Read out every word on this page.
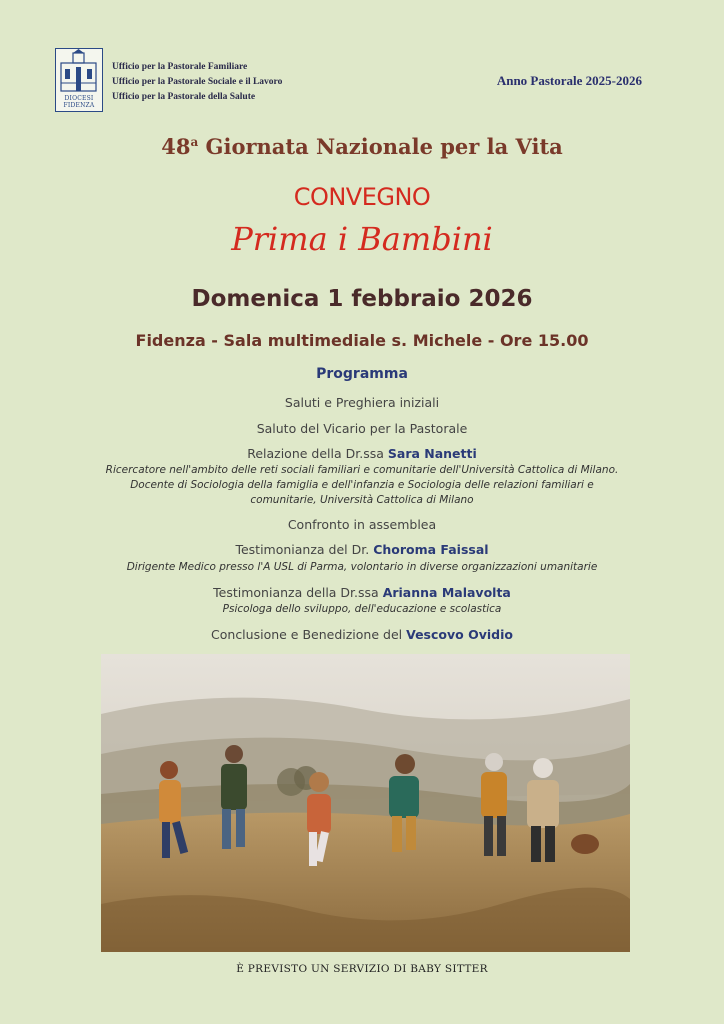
DIOCESI
FIDENZA
Ufficio per la Pastorale Familiare
Ufficio per la Pastorale Sociale e il Lavoro
Ufficio per la Pastorale della Salute
Anno Pastorale 2025-2026
48$^a$ Giornata Nazionale per la Vita
CONVEGNO
Prima i Bambini
Domenica 1 febbraio 2026
Fidenza - Sala multimediale s. Michele - Ore 15.00
Programma
Saluti e Preghiera iniziali
Saluto del Vicario per la Pastorale
Relazione della Dr.ssa Sara Nanetti
Ricercatore nell'ambito delle reti sociali familiari e comunitarie dell'Università Cattolica di Milano.
Docente di Sociologia della famiglia e dell'infanzia e Sociologia delle relazioni familiari e
comunitarie, Università Cattolica di Milano
Confronto in assemblea
Testimonianza del Dr. Choroma Faissal
Dirigente Medico presso l'A USL di Parma, volontario in diverse organizzazioni umanitarie
Testimonianza della Dr.ssa Arianna Malavolta
Psicologa dello sviluppo, dell'educazione e scolastica
Conclusione e Benedizione del Vescovo Ovidio
È PREVISTO UN SERVIZIO DI BABY SITTER
